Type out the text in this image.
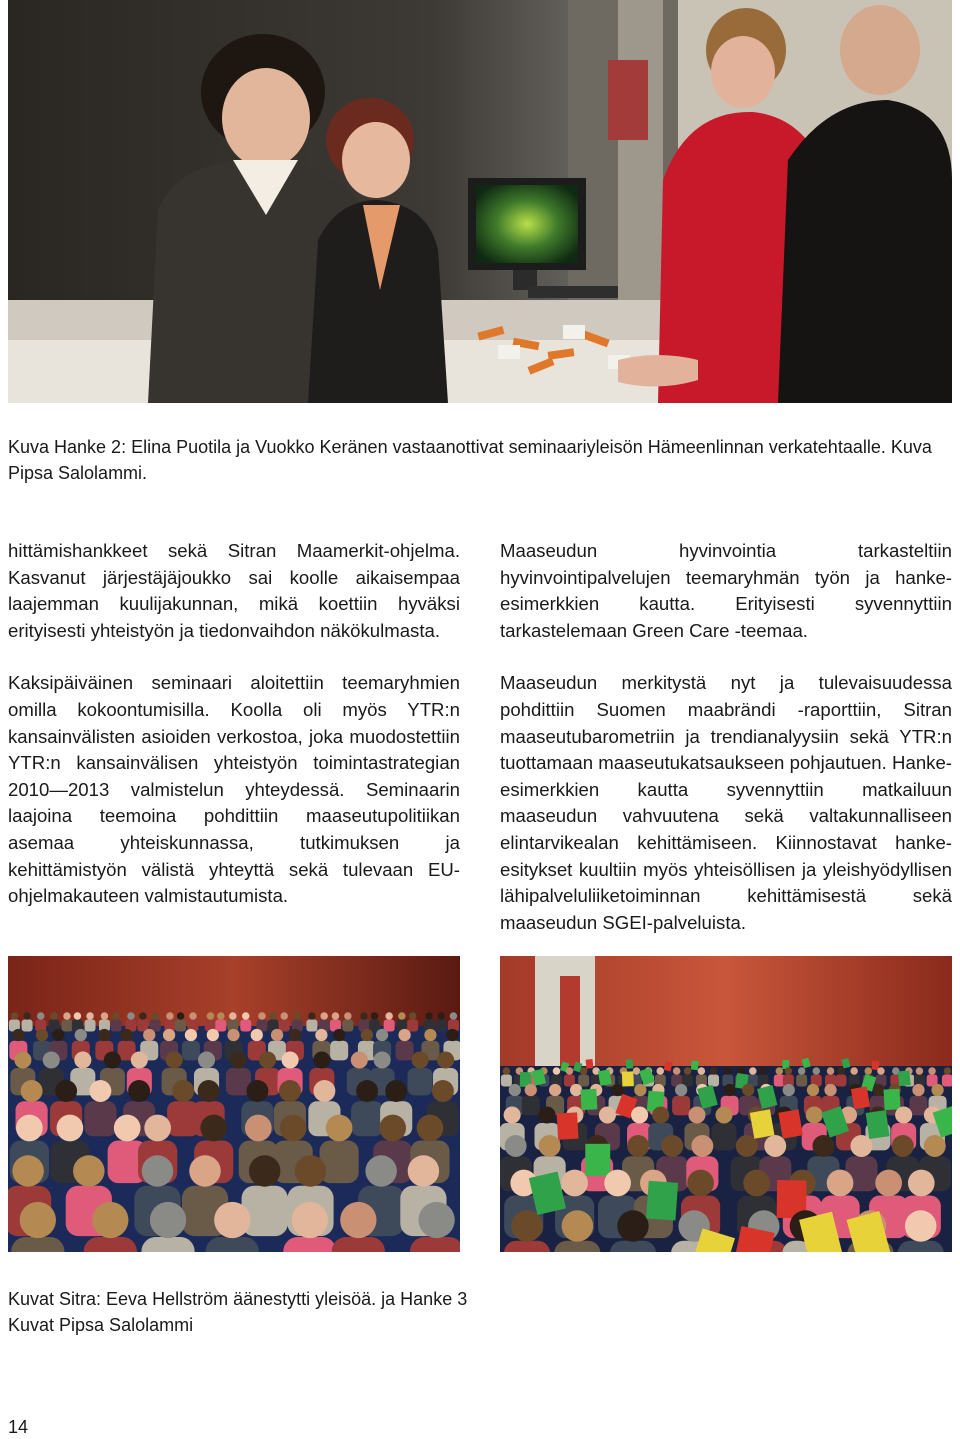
Kuva Hanke 2: Elina Puotila ja Vuokko Keränen vastaanottivat seminaariyleisön Hämeenlinnan verkatehtaalle. Kuva Pipsa Salolammi.

hittämishankkeet sekä Sitran Maamerkit-ohjelma. Kasvanut järjestäjäjoukko sai koolle aikaisempaa laajemman kuulijakunnan, mikä koettiin hyväksi erityisesti yhteistyön ja tiedonvaihdon näkökulmasta.

Kaksipäiväinen seminaari aloitettiin teemaryhmien omilla kokoontumisilla. Koolla oli myös YTR:n kansainvälisten asioiden verkostoa, joka muodostettiin YTR:n kansainvälisen yhteistyön toimintastrategian 2010—2013 valmistelun yhteydessä. Seminaarin laajoina teemoina pohdittiin maaseutupolitiikan asemaa yhteiskunnassa, tutkimuksen ja kehittämistyön välistä yhteyttä sekä tulevaan EU-ohjelmakauteen valmistautumista.

Maaseudun hyvinvointia tarkasteltiin hyvinvointipalvelujen teemaryhmän työn ja hanke-esimerkkien kautta. Erityisesti syvennyttiin tarkastelemaan Green Care -teemaa.

Maaseudun merkitystä nyt ja tulevaisuudessa pohdittiin Suomen maabrändi -raporttiin, Sitran maaseutubarometriin ja trendianalyysiin sekä YTR:n tuottamaan maaseutukatsaukseen pohjautuen. Hanke-esimerkkien kautta syvennyttiin matkailuun maaseudun vahvuutena sekä valtakunnalliseen elintarvikealan kehittämiseen. Kiinnostavat hanke-esitykset kuultiin myös yhteisöllisen ja yleishyödyllisen lähipalveluliiketoiminnan kehittämisestä sekä maaseudun SGEI-palveluista.

Kuvat Sitra: Eeva Hellström äänestytti yleisöä. ja Hanke 3
Kuvat Pipsa Salolammi
14
